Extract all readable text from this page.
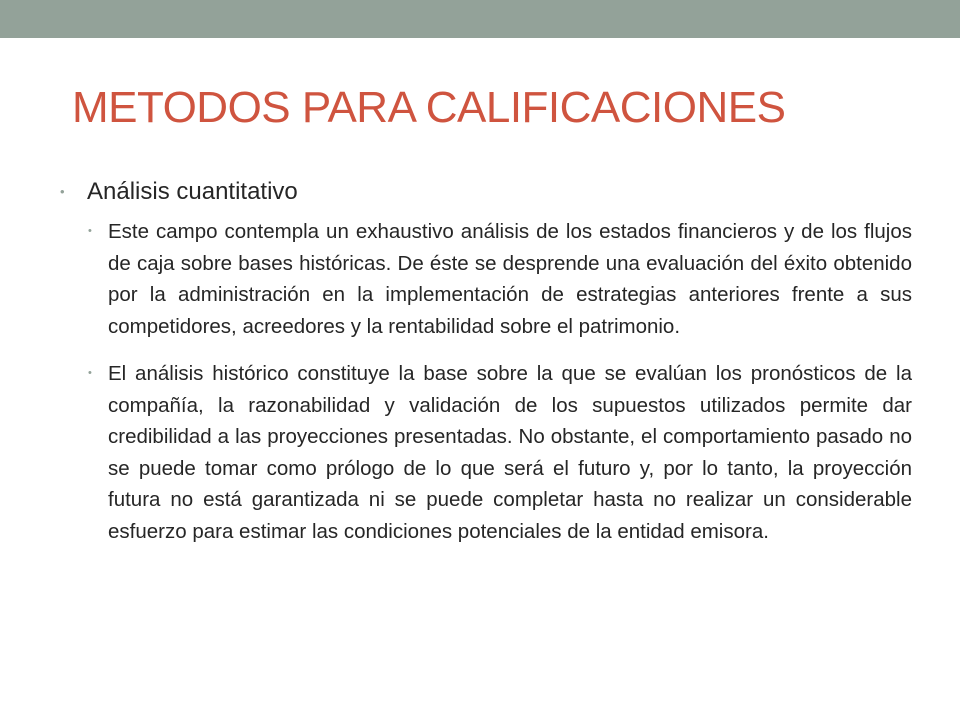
METODOS PARA CALIFICACIONES
• Análisis cuantitativo
• Este campo contempla un exhaustivo análisis de los estados financieros y de los flujos de caja sobre bases históricas. De éste se desprende una evaluación del éxito obtenido por la administración en la implementación de estrategias anteriores frente a sus competidores, acreedores y la rentabilidad sobre el patrimonio.
• El análisis histórico constituye la base sobre la que se evalúan los pronósticos de la compañía, la razonabilidad y validación de los supuestos utilizados permite dar credibilidad a las proyecciones presentadas. No obstante, el comportamiento pasado no se puede tomar como prólogo de lo que será el futuro y, por lo tanto, la proyección futura no está garantizada ni se puede completar hasta no realizar un considerable esfuerzo para estimar las condiciones potenciales de la entidad emisora.
